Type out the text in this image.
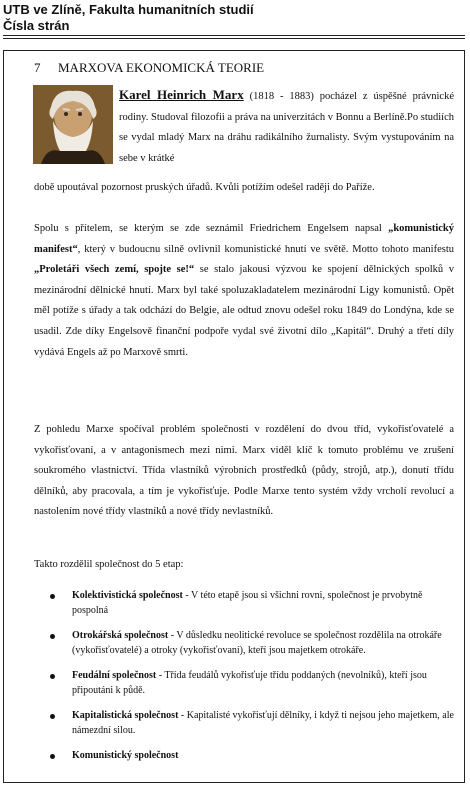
UTB ve Zlíně, Fakulta humanitních studií
Čísla strán
7 MARXOVA EKONOMICKÁ TEORIE
Karel Heinrich Marx (1818 - 1883) pocházel z úspěšné právnické rodiny. Studoval filozofii a práva na univerzitách v Bonnu a Berlíně.Po studiích se vydal mladý Marx na dráhu radikálního žurnalisty. Svým vystupováním na sebe v krátké
době upoutával pozornost pruských úřadů. Kvůli potížím odešel raději do Paříže.
Spolu s přítelem, se kterým se zde seznámil Friedrichem Engelsem napsal „komunistický manifest“, který v budoucnu silně ovlivnil komunistické hnutí ve světě. Motto tohoto manifestu „Proletáři všech zemí, spojte se!“ se stalo jakousi výzvou ke spojení dělnických spolků v mezinárodní dělnické hnutí. Marx byl také spoluzakladatelem mezinárodní Ligy komunistů. Opět měl potíže s úřady a tak odchází do Belgie, ale odtud znovu odešel roku 1849 do Londýna, kde se usadil. Zde díky Engelsově finanční podpoře vydal své životní dílo „Kapitál“. Druhý a třetí díly vydává Engels až po Marxově smrti.
Z pohledu Marxe spočíval problém společnosti v rozdělení do dvou tříd, vykořisťovatelé a vykořisťovaní, a v antagonismech mezi nimi. Marx viděl klíč k tomuto problému ve zrušení soukromého vlastnictví. Třída vlastníků výrobních prostředků (půdy, strojů, atp.), donutí třídu dělníků, aby pracovala, a tím je vykořisťuje. Podle Marxe tento systém vždy vrcholí revolucí a nastolením nové třídy vlastníků a nové třídy nevlastníků.
Takto rozdělil společnost do 5 etap:
Kolektivistická společnost - V této etapě jsou si všichni rovni, společnost je prvobytně pospolná
Otrokářská společnost - V důsledku neolitické revoluce se společnost rozdělila na otrokáře (vykořisťovatelé) a otroky (vykořisťovaní), kteří jsou majetkem otrokáře.
Feudální společnost - Třída feudálů vykořisťuje třídu poddaných (nevolníků), kteří jsou připoutáni k půdě.
Kapitalistická společnost - Kapitalisté vykořisťují dělníky, i když ti nejsou jeho majetkem, ale námezdní silou.
Komunistický společnost
